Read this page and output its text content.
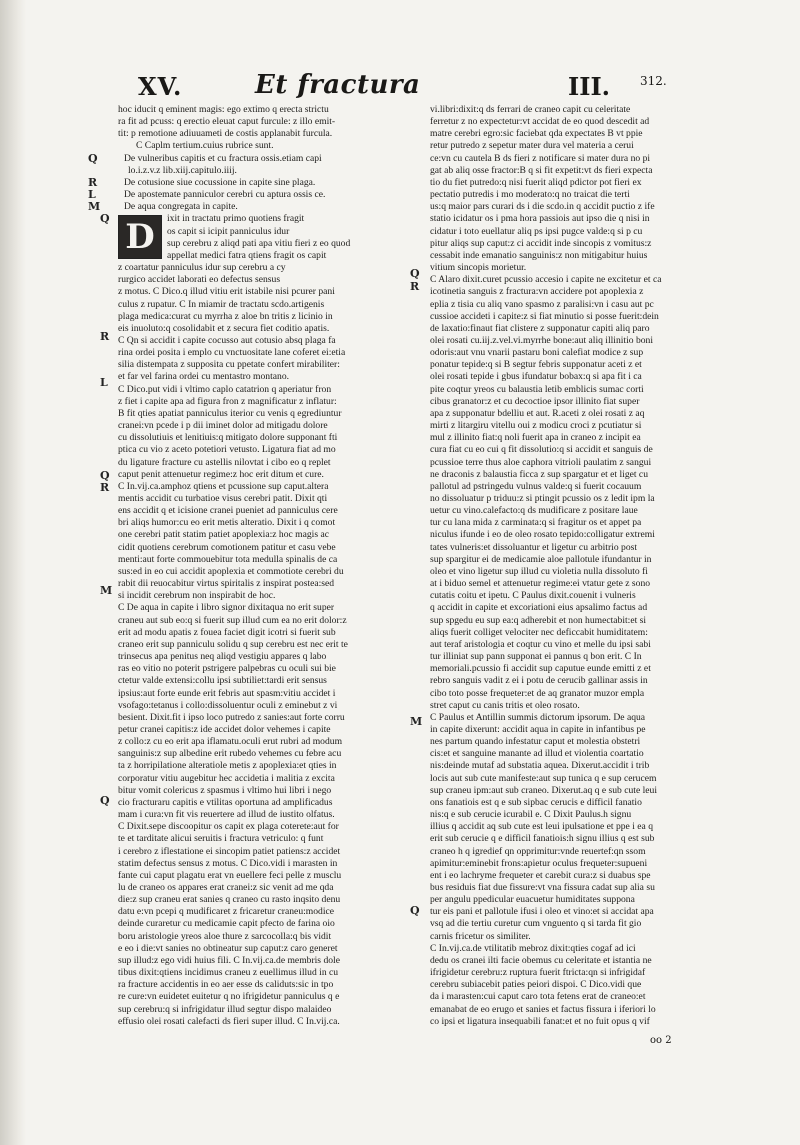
XV.	Et fractura	III. 312.
Q
R
L
M
Q
R
L
Q
R
M
Q
Q
R
M
Q
hoc iducit q eminent magis: ego extimo q erecta strictu
ra fit ad pcuss: q erectio eleuat caput furcule: z illo emit-
tit: p remotione adiuuameti de costis applanabit furcula.
C Caplm tertium.cuius rubrice sunt.
De vulneribus capitis et cu fractura ossis.etiam capi
lo.i.z.v.z lib.xiij.capitulo.iiij.
De cotusione siue cocussione in capite sine plaga.
De apostemate panniculor cerebri cu aptura ossis ce.
De aqua congregata in capite.
D	ixit in tractatu primo quotiens fragit
os capit si icipit panniculus idur
sup cerebru z aliqd pati apa vitiu fieri z eo quod
appellat medici fatra qtiens fragit os capit
z coartatur panniculus idur sup cerebru a cy
rurgico accidet laborati eo defectus sensus
z motus. C Dico.q illud vitiu erit istabile nisi pcurer pani
culus z rupatur. C In miamir de tractatu scdo.artigenis
plaga medica:curat cu myrrha z aloe bn tritis z licinio in
eis inuoluto:q cosolidabit et z secura fiet coditio apatis.
C Qn si accidit i capite cocusso aut cotusio absq plaga fa
rina ordei posita i emplo cu vnctuositate lane coferet ei:etia
silia distempata z supposita cu ppetate confert mirabiliter:
et far vel farina ordei cu mentastro montano.
C Dico.put vidi i vltimo caplo catatrion q aperiatur fron
z fiet i capite apa ad figura fron z magnificatur z inflatur:
B fit qties apatiat panniculus iterior cu venis q egrediuntur
cranei:vn pcede i p dii iminet dolor ad mitigadu dolore
cu dissolutiuis et lenitiuis:q mitigato dolore supponant fti
ptica cu vio z aceto potetiori vetusto. Ligatura fiat ad mo
du ligature fracture cu astellis nilovtat i cibo eo q replet
caput penit attenuetur regime:z hoc erit ditum et cure.
C In.vij.ca.amphoz qtiens et pcussione sup caput.altera
mentis accidit cu turbatioe visus cerebri patit. Dixit qti
ens accidit q et icisione cranei pueniet ad panniculus cere
bri aliqs humor:cu eo erit metis alteratio. Dixit i q comot
one cerebri patit statim patiet apoplexia:z hoc magis ac
cidit quotiens cerebrum comotionem patitur et casu vebe
menti:aut forte commouebitur tota medulla spinalis de ca
sus:ed in eo cui accidit apoplexia et commotiote cerebri du
rabit dii reuocabitur virtus spiritalis z inspirat postea:sed
si incidit cerebrum non inspirabit de hoc.
C De aqua in capite i libro signor dixitaqua no erit super
craneu aut sub eo:q si fuerit sup illud cum ea no erit dolor:z
erit ad modu apatis z fouea faciet digit icotri si fuerit sub
craneo erit sup panniculu solidu q sup cerebru est nec erit te
trinsecus apa penitus neq aliqd vestigiu appares q labo
ras eo vitio no poterit pstrigere palpebras cu oculi sui bie
ctetur valde extensi:collu ipsi subtiliet:tardi erit sensus
ipsius:aut forte eunde erit febris aut spasm:vitiu accidet i
vsofago:tetanus i collo:dissoluentur oculi z eminebut z vi
besient. Dixit.fit i ipso loco putredo z sanies:aut forte corru
petur cranei capitis:z ide accidet dolor vehemes i capite
z collo:z cu eo erit apa iflamatu.oculi erut rubri ad modum
sanguinis:z sup albedine erit rubedo vehemes cu febre acu
ta z horripilatione alteratiole metis z apoplexia:et qties in
corporatur vitiu augebitur hec accidetia i malitia z excita
bitur vomit colericus z spasmus i vltimo hui libri i nego
cio fracturaru capitis e vtilitas oportuna ad amplificadus
mam i cura:vn fit vis reuertere ad illud de iustito olfatus.
C Dixit.sepe discoopitur os capit ex plaga coterete:aut for
te et tarditate alicui seruitis i fractura vetriculo: q funt
i cerebro z iflestatione ei sincopim patiet patiens:z accidet
statim defectus sensus z motus. C Dico.vidi i marasten in
fante cui caput plagatu erat vn euellere feci pelle z musclu
lu de craneo os appares erat cranei:z sic venit ad me qda
die:z sup craneu erat sanies q craneo cu rasto inqsito denu
datu e:vn pcepi q mudificaret z fricaretur craneu:modice
deinde curaretur cu medicamie capit pfecto de farina oio
boru aristologie yreos aloe thure z sarcocolla:q bis vidit
e eo i die:vt sanies no obtineatur sup caput:z caro generet
sup illud:z ego vidi huius fili. C In.vij.ca.de membris dole
tibus dixit:qtiens incidimus craneu z euellimus illud in cu
ra fracture accidentis in eo aer esse ds caliduts:sic in tpo
re cure:vn euidetet euitetur q no ifrigidetur panniculus q e
sup cerebru:q si infrigidatur illud segtur dispo malaideo
effusio olei rosati calefacti ds fieri super illud. C In.vij.ca.
vi.libri:dixit:q ds ferrari de craneo capit cu celeritate
ferretur z no expectetur:vt accidat de eo quod descedit ad
matre cerebri egro:sic faciebat qda expectates B vt ppie
retur putredo z sepetur mater dura vel materia a cerui
ce:vn cu cautela B ds fieri z notificare si mater dura no pi
gat ab aliq osse fractor:B q si fit expetit:vt ds fieri expecta
tio du fiet putredo:q nisi fuerit aliqd pdictor pot fieri ex
pectatio putredis i mo moderato:q no traicat die terti
us:q maior pars curari ds i die scdo.in q accidit puctio z ife
statio icidatur os i pma hora passiois aut ipso die q nisi in
cidatur i toto euellatur aliq ps ipsi pugce valde:q si p cu
pitur aliqs sup caput:z ci accidit inde sincopis z vomitus:z
cessabit inde emanatio sanguinis:z non mitigabitur huius
vitium sincopis morietur.
C Alaro dixit.curet pcussio accesio i capite ne excitetur et ca
icotinetia sanguis z fractura:vn accidere pot apoplexia z
eplia z tisia cu aliq vano spasmo z paralisi:vn i casu aut pc
cussioe accideti i capite:z si fiat minutio si posse fuerit:dein
de laxatio:finaut fiat clistere z supponatur capiti aliq paro
olei rosati cu.iij.z.vel.vi.myrrhe bone:aut aliq illinitio boni
odoris:aut vnu vnarii pastaru boni calefiat modice z sup
ponatur tepide:q si B segtur febris supponatur aceti z et
olei rosati tepide i gbus ifundatur bobax:q si apa fit i ca
pite coqtur yreos cu balaustia letib emblicis sumac corti
cibus granator:z et cu decoctioe ipsor illinito fiat super
apa z supponatur bdelliu et aut. R.aceti z olei rosati z aq
mirti z litargiru vitellu oui z modicu croci z pcutiatur si
mul z illinito fiat:q noli fuerit apa in craneo z incipit ea
cura fiat cu eo cui q fit dissolutio:q si accidit et sanguis de
pcussioe terre thus aloe caphora vitrioli paulatim z sangui
ne draconis z balaustia ficca z sup spargatur et et liget cu
pallotul ad pstringedu vulnus valde:q si fuerit cocauum
no dissoluatur p triduu:z si ptingit pcussio os z ledit ipm la
uetur cu vino.calefacto:q ds mudificare z positare laue
tur cu lana mida z carminata:q si fragitur os et appet pa
niculus ifunde i eo de oleo rosato tepido:colligatur extremi
tates vulneris:et dissoluantur et ligetur cu arbitrio post
sup spargitur ei de medicamie aloe pallotule ifundantur in
oleo et vino ligetur sup illud cu violetia nulla dissoluto fi
at i biduo semel et attenuetur regime:ei vtatur gete z sono
cutatis coitu et ipetu. C Paulus dixit.couenit i vulneris
q accidit in capite et excoriationi eius apsalimo factus ad
sup spgedu eu sup ea:q adherebit et non humectabit:et si
aliqs fuerit colliget velociter nec deficcabit humiditatem:
aut teraf aristologia et coqtur cu vino et melle du ipsi sabi
tur illiniat sup pann supponat ei pannus q bon erit. C In
memoriali.pcussio fi accidit sup caputue eunde emitti z et
rebro sanguis vadit z ei i potu de cerucib gallinar assis in
cibo toto posse frequeter:et de aq granator muzor empla
stret caput cu canis tritis et oleo rosato.
C Paulus et Antillin summis dictorum ipsorum. De aqua
in capite dixerunt: accidit aqua in capite in infantibus pe
nes partum quando infestatur caput et molestia obstetri
cis:et et sanguine manante ad illud et violentia coartatio
nis:deinde mutaf ad substatia aquea. Dixerut.accidit i trib
locis aut sub cute manifeste:aut sup tunica q e sup cerucem
sup craneu ipm:aut sub craneo. Dixerut.aq q e sub cute leui
ons fanatiois est q e sub sipbac cerucis e difficil fanatio
nis:q e sub cerucie icurabil e. C Dixit Paulus.h signu
illius q accidit aq sub cute est leui ipulsatione et ppe i ea q
erit sub cerucie q e difficil fanatiois:h signu illius q est sub
craneo h q igredief qn opprimitur:vnde reuertef:qn ssom
apimitur:eminebit frons:apietur oculus frequeter:supueni
ent i eo lachryme frequeter et carebit cura:z si duabus spe
bus residuis fiat due fissure:vt vna fissura cadat sup alia su
per angulu ppedicular euacuetur humiditates suppona
tur eis pani et pallotule ifusi i oleo et vino:et si accidat apa
vsq ad die tertiu curetur cum vnguento q si tarda fit gio
carnis fricetur os similiter.
C In.vij.ca.de vtilitatib mebroz dixit:qties cogaf ad ici
dedu os cranei ilti facie obemus cu celeritate et istantia ne
ifrigidetur cerebru:z ruptura fuerit ftricta:qn si infrigidaf
cerebru subiacebit paties peiori dispoi. C Dico.vidi que
da i marasten:cui caput caro tota fetens erat de craneo:et
emanabat de eo erugo et sanies et factus fissura i iferiori lo
co ipsi et ligatura insequabili fanat:et et no fuit opus q vif
oo 2
